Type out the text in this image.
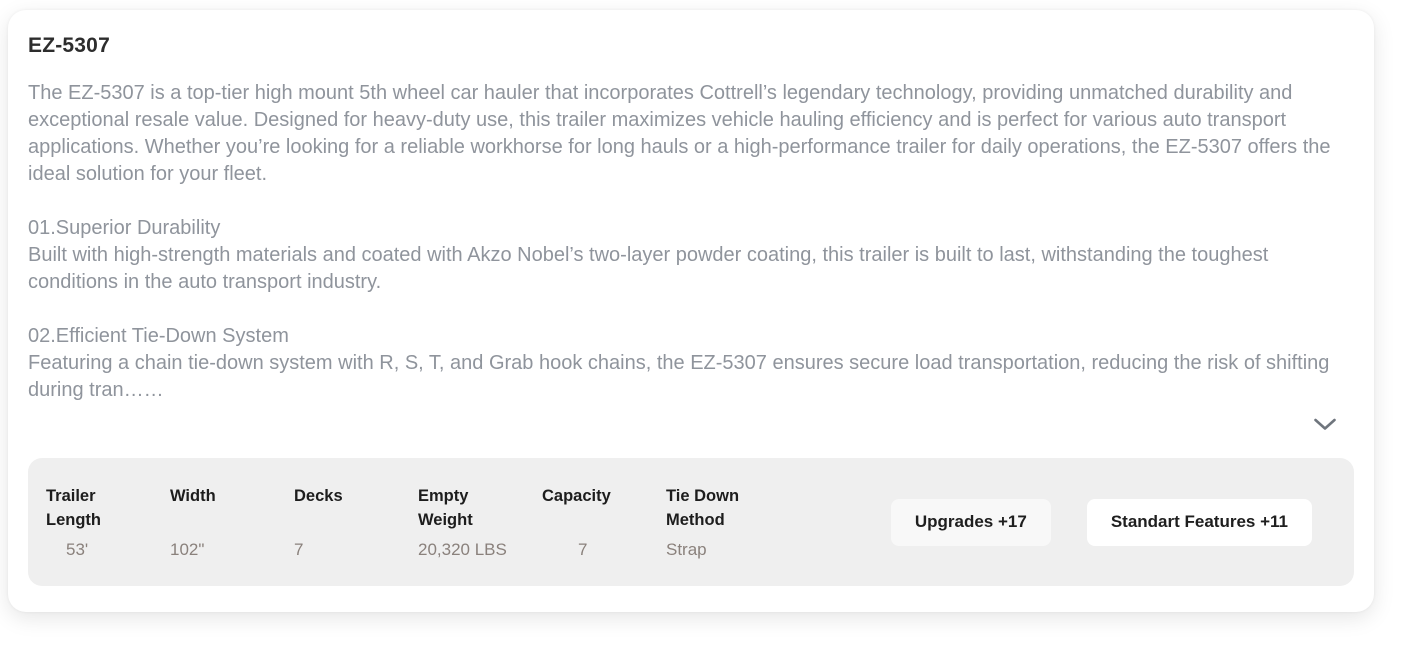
EZ-5307
The EZ-5307 is a top-tier high mount 5th wheel car hauler that incorporates Cottrell’s legendary technology, providing unmatched durability and exceptional resale value. Designed for heavy-duty use, this trailer maximizes vehicle hauling efficiency and is perfect for various auto transport applications. Whether you’re looking for a reliable workhorse for long hauls or a high-performance trailer for daily operations, the EZ-5307 offers the ideal solution for your fleet.
01.Superior Durability
Built with high-strength materials and coated with Akzo Nobel’s two-layer powder coating, this trailer is built to last, withstanding the toughest conditions in the auto transport industry.
02.Efficient Tie-Down System
Featuring a chain tie-down system with R, S, T, and Grab hook chains, the EZ-5307 ensures secure load transportation, reducing the risk of shifting during tran……
Trailer Length
53'
Width
102"
Decks
7
Empty Weight
20,320 LBS
Capacity
7
Tie Down Method
Strap
Upgrades +17	Standart Features +11
